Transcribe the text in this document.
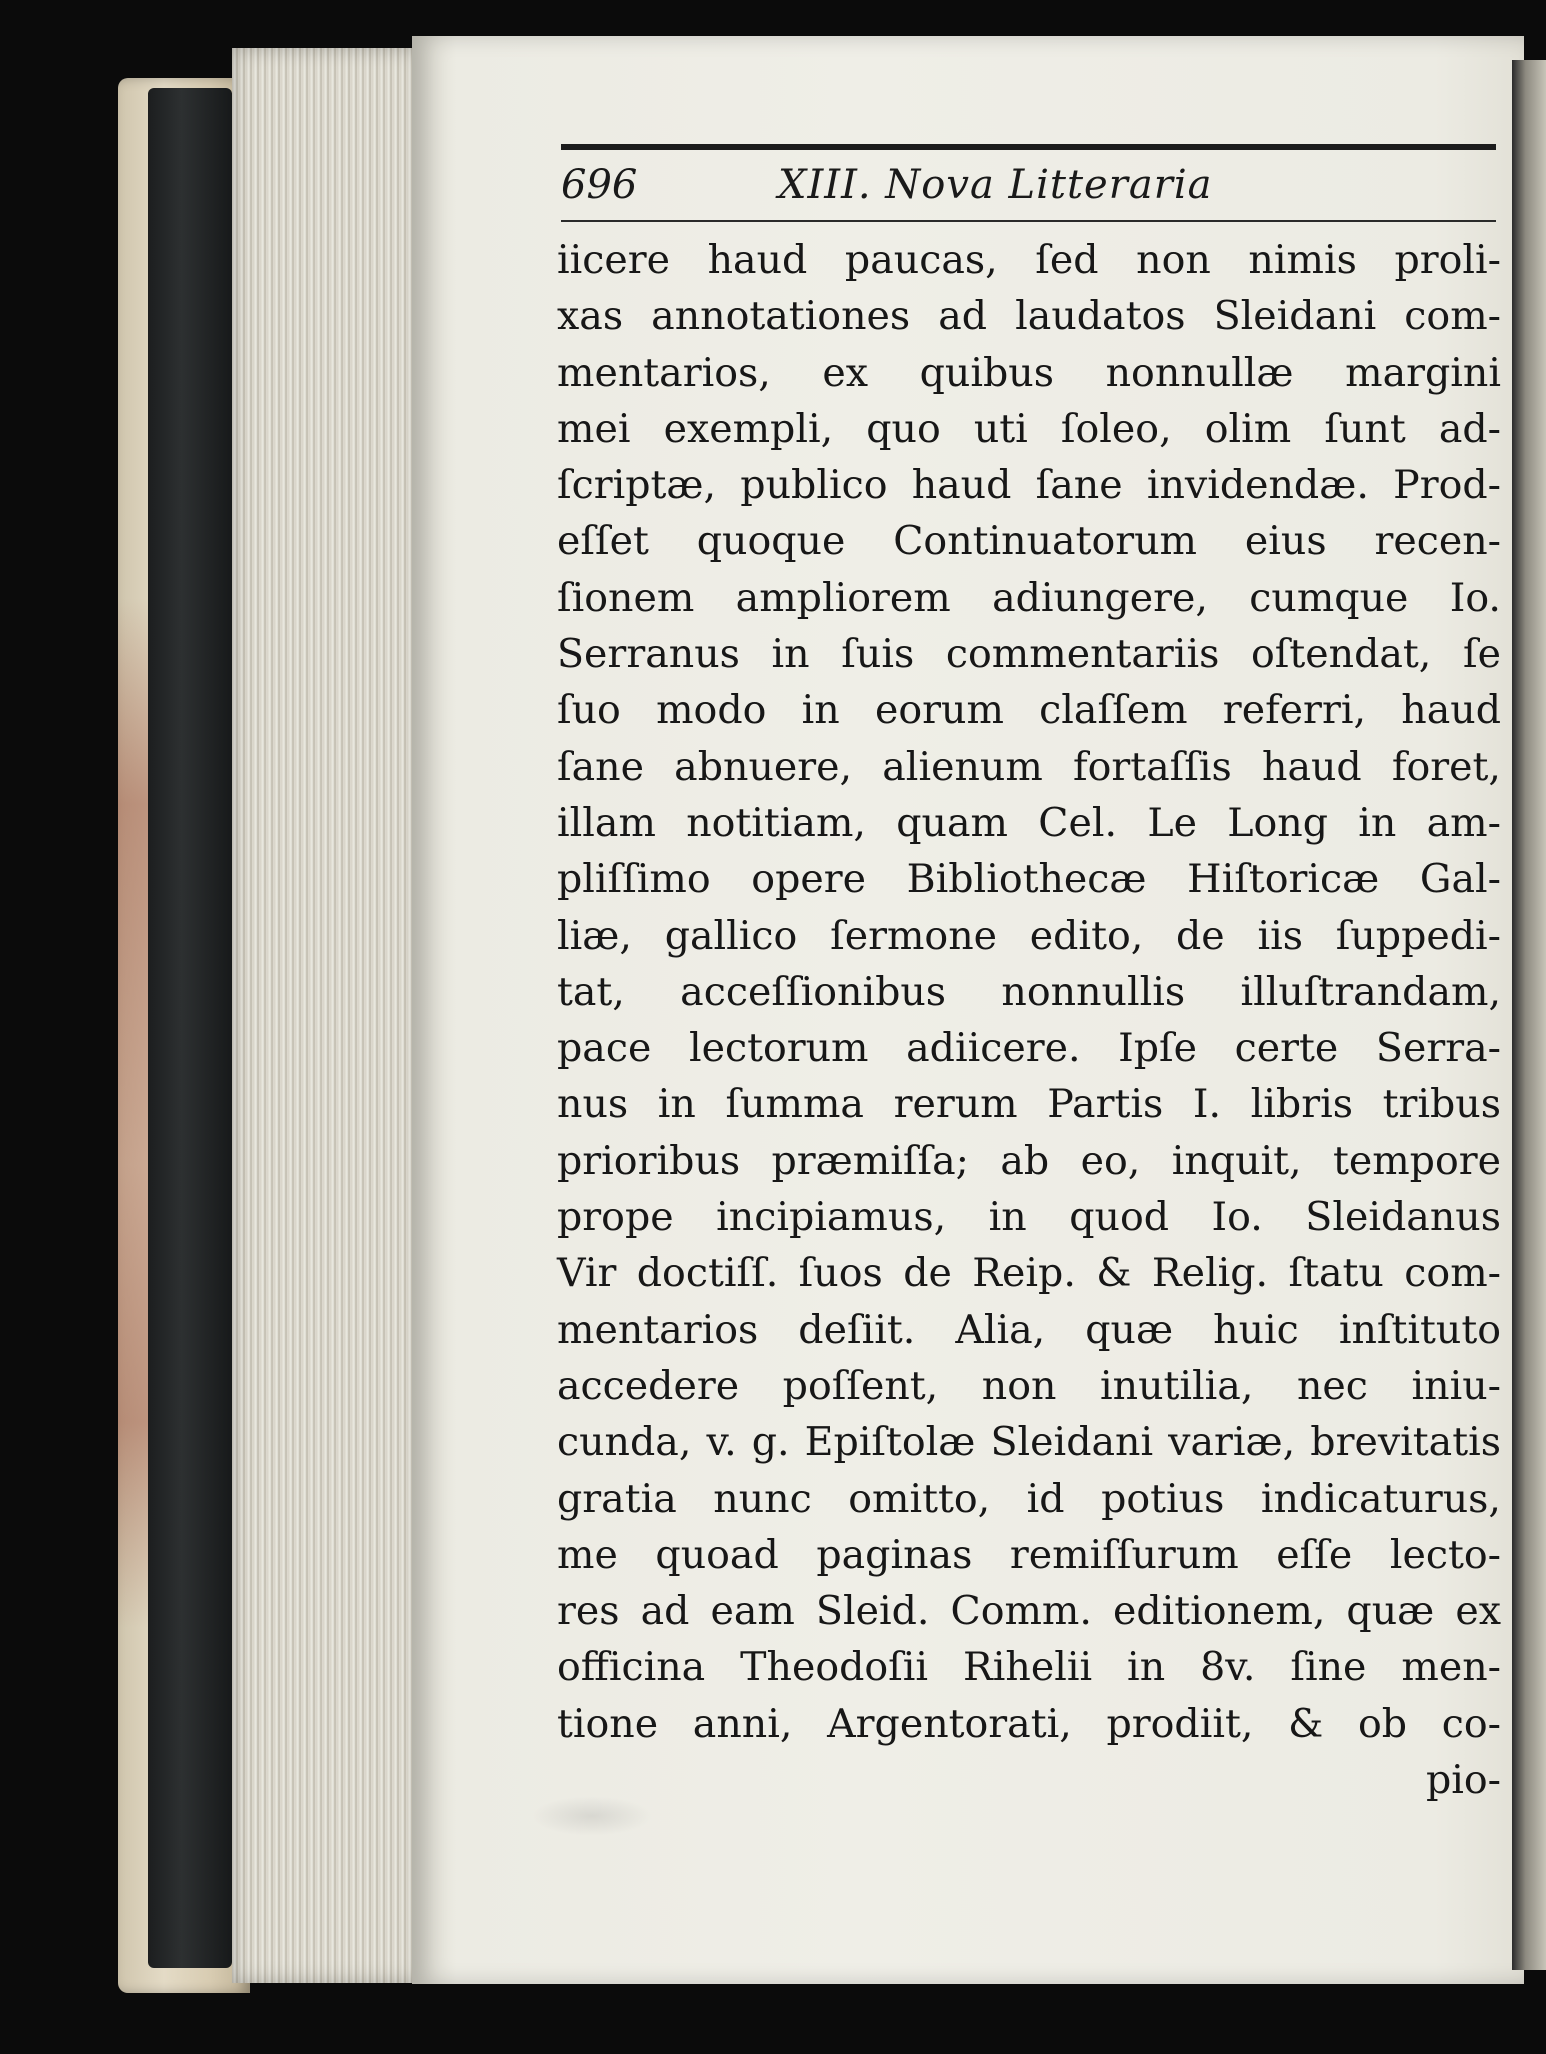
696	XIII. Nova Litteraria
iicere haud paucas, ſed non nimis proli-
xas annotationes ad laudatos Sleidani com-
mentarios, ex quibus nonnullæ margini
mei exempli, quo uti ſoleo, olim ſunt ad-
ſcriptæ, publico haud ſane invidendæ. Prod-
eſſet quoque Continuatorum eius recen-
ſionem ampliorem adiungere, cumque Io.
Serranus in ſuis commentariis oſtendat, ſe
ſuo modo in eorum claſſem referri, haud
ſane abnuere, alienum fortaſſis haud foret,
illam notitiam, quam Cel. Le Long in am-
pliſſimo opere Bibliothecæ Hiſtoricæ Gal-
liæ, gallico ſermone edito, de iis ſuppedi-
tat, acceſſionibus nonnullis illuſtrandam,
pace lectorum adiicere. Ipſe certe Serra-
nus in ſumma rerum Partis I. libris tribus
prioribus præmiſſa; ab eo, inquit, tempore
prope incipiamus, in quod Io. Sleidanus
Vir doctiſſ. ſuos de Reip. & Relig. ſtatu com-
mentarios deſiit. Alia, quæ huic inſtituto
accedere poſſent, non inutilia, nec iniu-
cunda, v. g. Epiſtolæ Sleidani variæ, brevitatis
gratia nunc omitto, id potius indicaturus,
me quoad paginas remiſſurum eſſe lecto-
res ad eam Sleid. Comm. editionem, quæ ex
officina Theodoſii Rihelii in 8v. ſine men-
tione anni, Argentorati, prodiit, & ob co-
pio-
